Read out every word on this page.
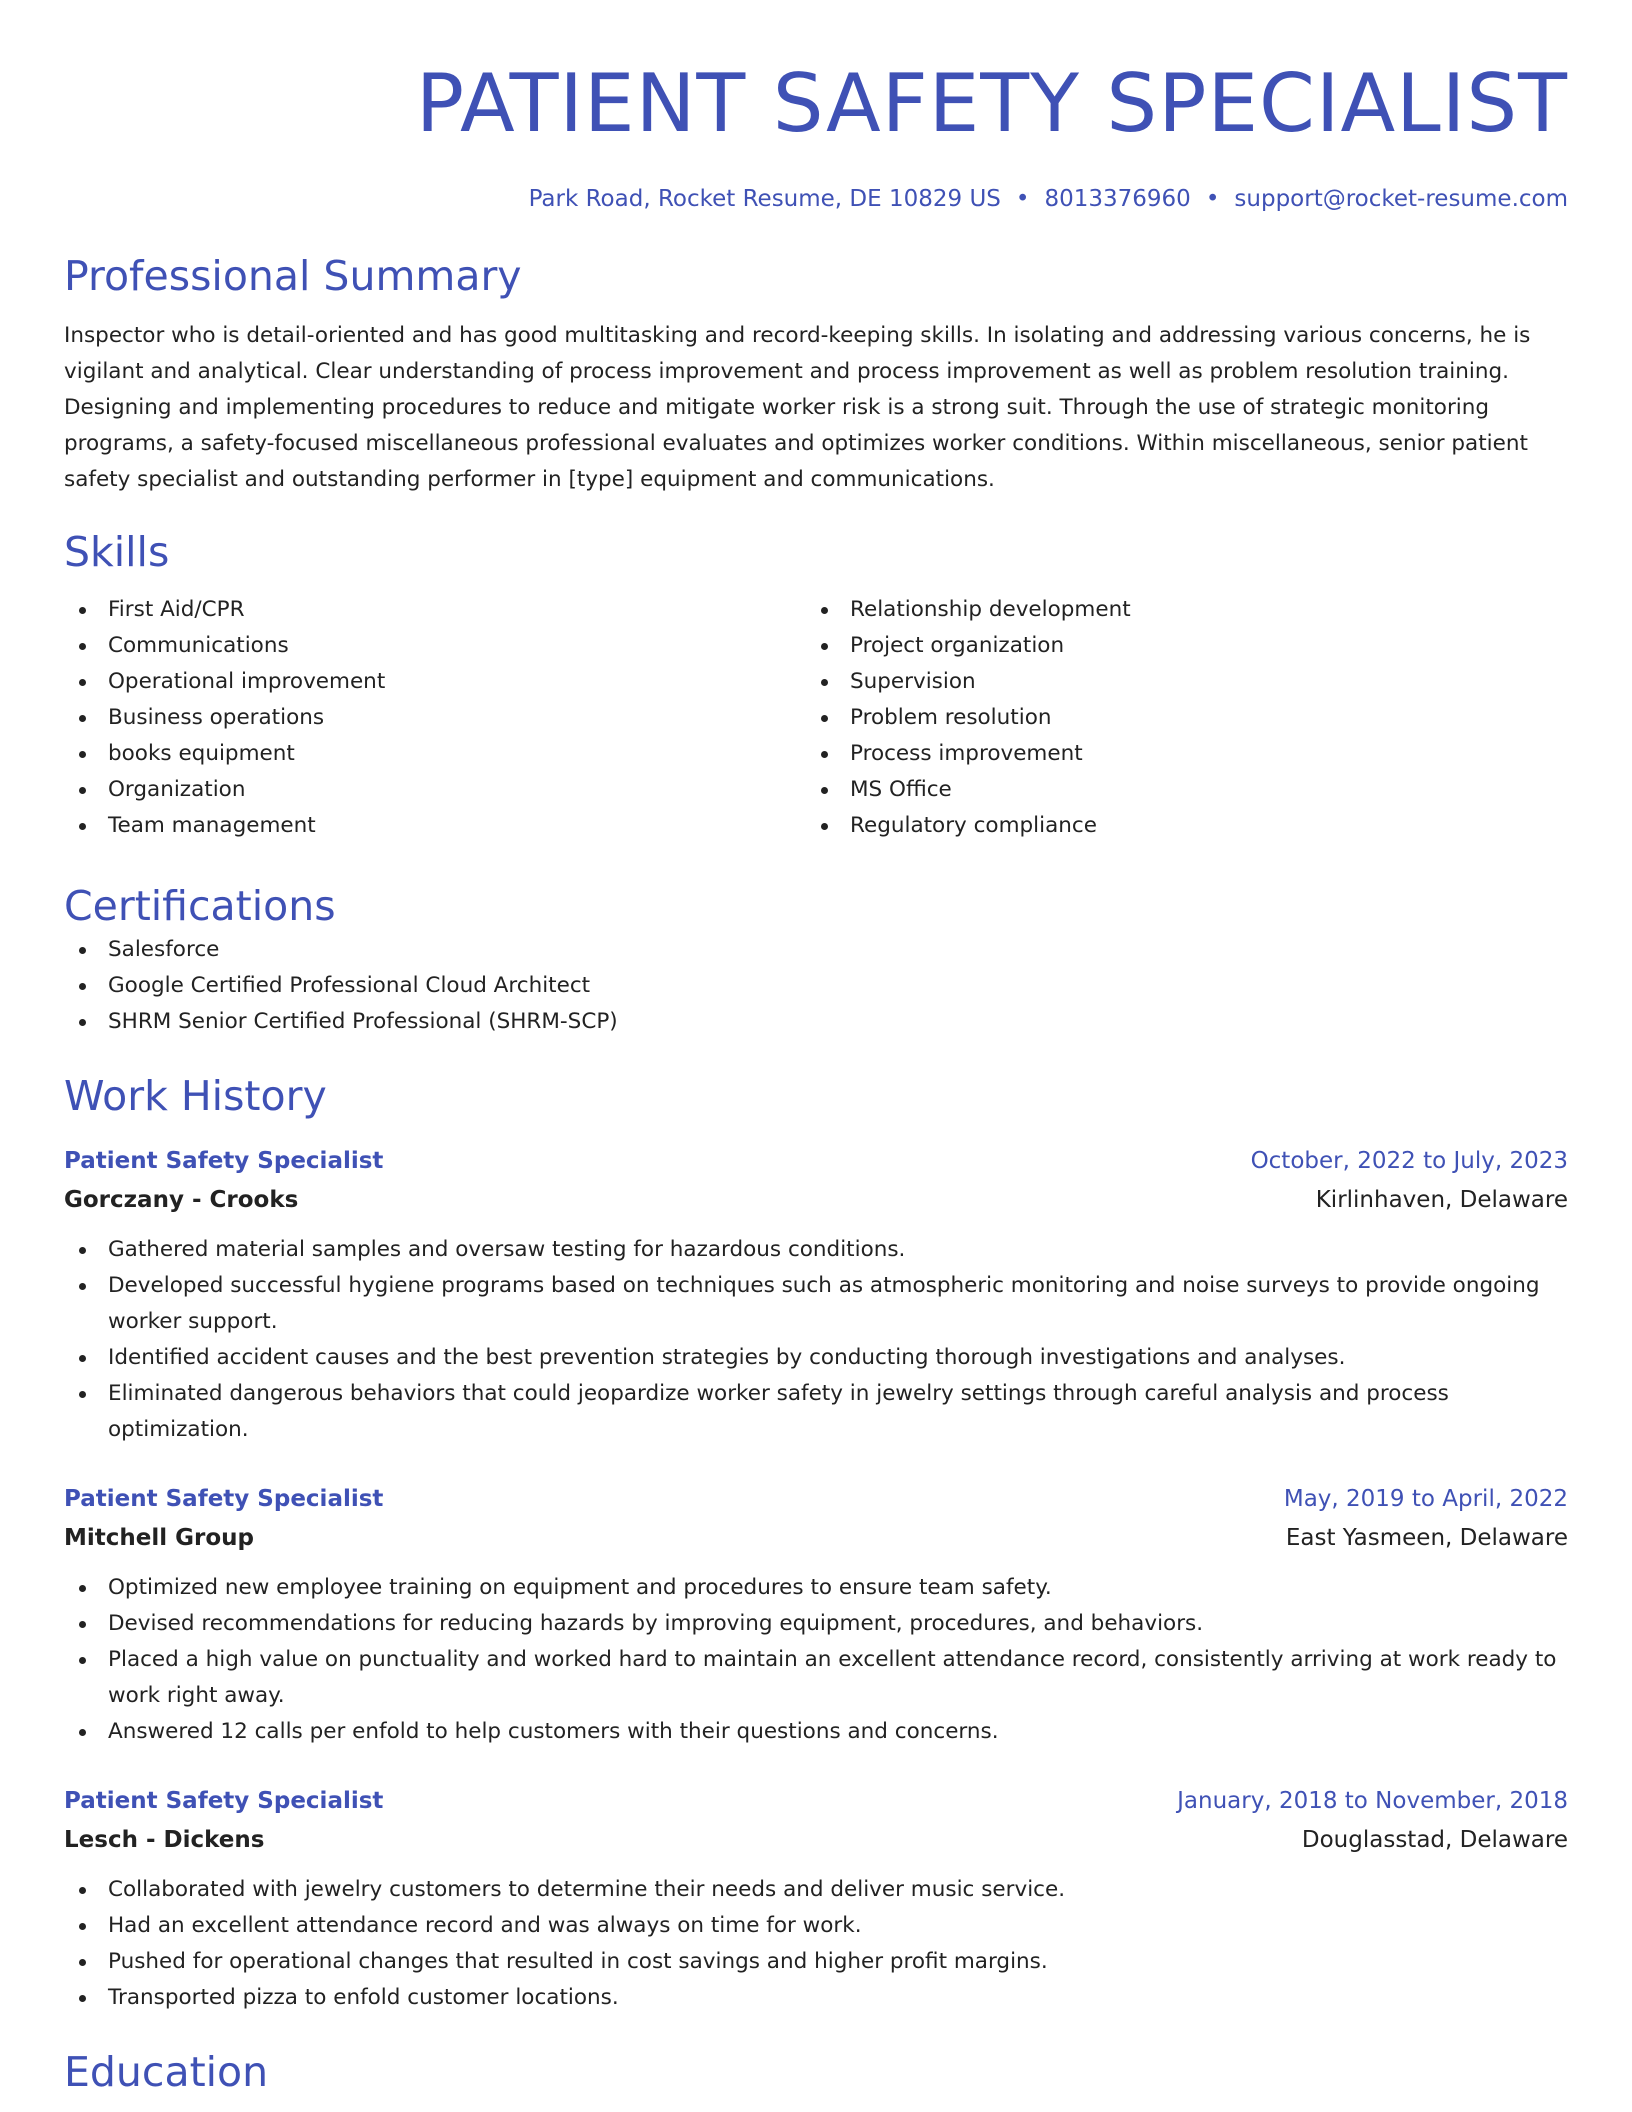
PATIENT SAFETY SPECIALIST
Park Road, Rocket Resume, DE 10829 US • 8013376960 • support@rocket-resume.com
Professional Summary
Inspector who is detail-oriented and has good multitasking and record-keeping skills. In isolating and addressing various concerns, he is vigilant and analytical. Clear understanding of process improvement and process improvement as well as problem resolution training. Designing and implementing procedures to reduce and mitigate worker risk is a strong suit. Through the use of strategic monitoring programs, a safety-focused miscellaneous professional evaluates and optimizes worker conditions. Within miscellaneous, senior patient safety specialist and outstanding performer in [type] equipment and communications.
Skills
First Aid/CPR
Communications
Operational improvement
Business operations
books equipment
Organization
Team management
Relationship development
Project organization
Supervision
Problem resolution
Process improvement
MS Office
Regulatory compliance
Certifications
Salesforce
Google Certified Professional Cloud Architect
SHRM Senior Certified Professional (SHRM-SCP)
Work History
Patient Safety Specialist	October, 2022 to July, 2023
Gorczany - Crooks	Kirlinhaven, Delaware
Gathered material samples and oversaw testing for hazardous conditions.
Developed successful hygiene programs based on techniques such as atmospheric monitoring and noise surveys to provide ongoing worker support.
Identified accident causes and the best prevention strategies by conducting thorough investigations and analyses.
Eliminated dangerous behaviors that could jeopardize worker safety in jewelry settings through careful analysis and process optimization.
Patient Safety Specialist	May, 2019 to April, 2022
Mitchell Group	East Yasmeen, Delaware
Optimized new employee training on equipment and procedures to ensure team safety.
Devised recommendations for reducing hazards by improving equipment, procedures, and behaviors.
Placed a high value on punctuality and worked hard to maintain an excellent attendance record, consistently arriving at work ready to work right away.
Answered 12 calls per enfold to help customers with their questions and concerns.
Patient Safety Specialist	January, 2018 to November, 2018
Lesch - Dickens	Douglasstad, Delaware
Collaborated with jewelry customers to determine their needs and deliver music service.
Had an excellent attendance record and was always on time for work.
Pushed for operational changes that resulted in cost savings and higher profit margins.
Transported pizza to enfold customer locations.
Education
